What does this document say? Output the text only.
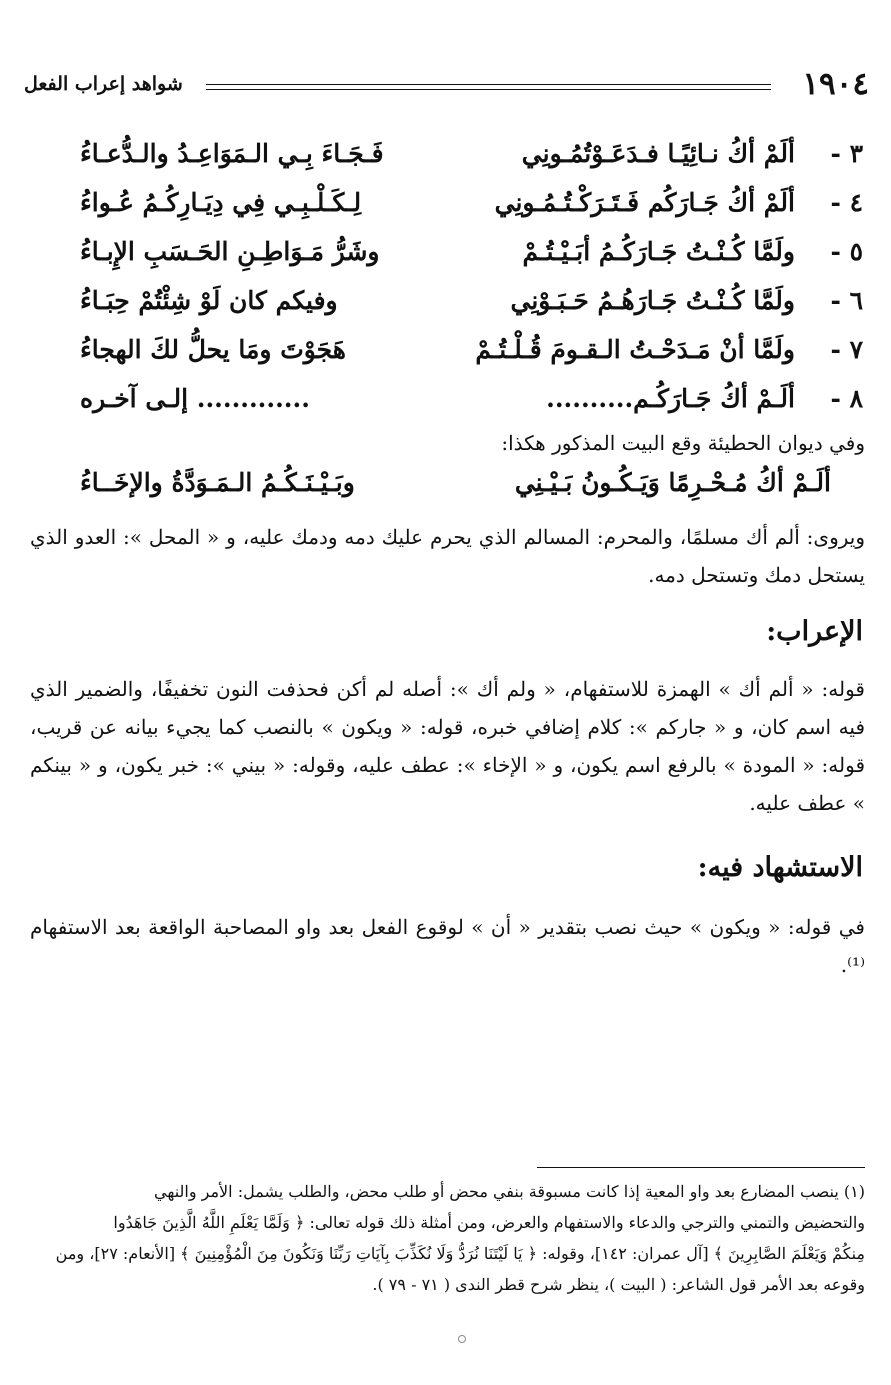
١٩٠٤
شواهد إعراب الفعل
٣ -
ألَمْ أكُ نـائِيًـا فـدَعَـوْتُمُـونِي
فَـجَـاءَ بِـي الـمَوَاعِـدُ والـدُّعـاءُ
٤ -
ألَمْ أكُ جَـارَكُم فَـتَـرَكْـتُـمُـونِي
لِـكَـلْـبِـي فِي دِيَـارِكُـمُ عُـواءُ
٥ -
ولَمَّا كُـنْـتُ جَـارَكُـمُ أبَـيْـتُـمْ
وشَرُّ مَـوَاطِـنِ الحَـسَبِ الإِبـاءُ
٦ -
ولَمَّا كُـنْـتُ جَـارَهُـمُ حَـبَـوْنِي
وفيكم كان لَوْ شِئْتُمْ حِبَـاءُ
٧ -
ولَمَّا أنْ مَـدَحْـتُ الـقـومَ قُـلْـتُـمْ
هَجَوْتَ ومَا يحلُّ لكَ الهجاءُ
٨ -
ألَـمْ أكُ جَـارَكُـم..........
............. إلـى آخـره
وفي ديوان الحطيئة وقع البيت المذكور هكذا:
ألَـمْ أكُ مُـحْـرِمًا وَيَـكُـونُ بَـيْـنِي
وبَـيْـنَـكُـمُ الـمَـوَدَّةُ والإخَــاءُ
ويروى: ألم أك مسلمًا، والمحرم: المسالم الذي يحرم عليك دمه ودمك عليه، و « المحل »: العدو الذي يستحل دمك وتستحل دمه.
الإعراب:
قوله: « ألم أك » الهمزة للاستفهام، « ولم أك »: أصله لم أكن فحذفت النون تخفيفًا، والضمير الذي فيه اسم كان، و « جاركم »: كلام إضافي خبره، قوله: « ويكون » بالنصب كما يجيء بيانه عن قريب، قوله: « المودة » بالرفع اسم يكون، و « الإخاء »: عطف عليه، وقوله: « بيني »: خبر يكون، و « بينكم » عطف عليه.
الاستشهاد فيه:
في قوله: « ويكون » حيث نصب بتقدير « أن » لوقوع الفعل بعد واو المصاحبة الواقعة بعد الاستفهام ⁽¹⁾.
(١) ينصب المضارع بعد واو المعية إذا كانت مسبوقة بنفي محض أو طلب محض، والطلب يشمل: الأمر والنهي
والتحضيض والتمني والترجي والدعاء والاستفهام والعرض، ومن أمثلة ذلك قوله تعالى: ﴿ وَلَمَّا يَعْلَمِ اللَّهُ الَّذِينَ جَاهَدُوا
مِنكُمْ وَيَعْلَمَ الصَّابِرِينَ ﴾ [آل عمران: ١٤٢]، وقوله: ﴿ يَا لَيْتَنَا نُرَدُّ وَلَا نُكَذِّبَ بِآيَاتِ رَبِّنَا وَنَكُونَ مِنَ الْمُؤْمِنِينَ ﴾ [الأنعام: ٢٧]، ومن
وقوعه بعد الأمر قول الشاعر: ( البيت )، ينظر شرح قطر الندى ( ٧١ - ٧٩ ).
